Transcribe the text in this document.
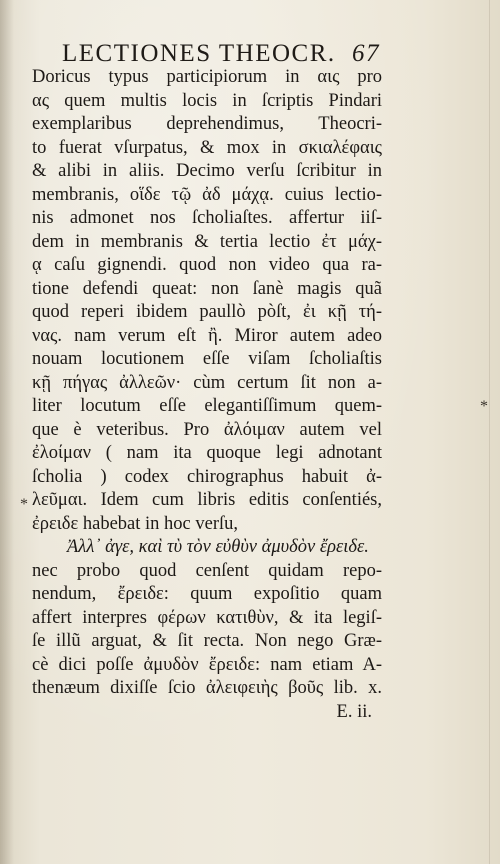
LECTIONES THEOCR. 67
*
*
Doricus typus participiorum in αις pro
ας quem multis locis in ſcriptis Pindari
exemplaribus deprehendimus, Theocri-
to fuerat vſurpatus, & mox in σκιαλέφαις
& alibi in aliis. Decimo verſu ſcribitur in
membranis, οἵδε τῷ ἀδ μάχᾳ. cuius lectio-
nis admonet nos ſcholiaſtes. affertur iiſ-
dem in membranis & tertia lectio ἐτ μάχ-
ᾳ caſu gignendi. quod non video qua ra-
tione defendi queat: non ſanè magis quã
quod reperi ibidem paullò pòſt, ἐι κῇ τή-
νας. nam verum eſt ἢ. Miror autem adeo
nouam locutionem eſſe viſam ſcholiaſtis
κῇ πήγας ἀλλεῶν· cùm certum ſit non a-
liter locutum eſſe elegantiſſimum quem-
que è veteribus. Pro ἀλόιμαν autem vel
ἐλοίμαν ( nam ita quoque legi adnotant
ſcholia ) codex chirographus habuit ἀ-
λεῦμαι. Idem cum libris editis conſentiés,
ἐρειδε habebat in hoc verſu,
Ἀλλ᾽ ἀγε, καὶ τὺ τὸν εὐθὺν ἀμυδὸν ἔρειδε.
nec probo quod cenſent quidam repo-
nendum, ἔρειδε: quum expoſitio quam
affert interpres φέρων κατιθὺν, & ita legiſ-
ſe illũ arguat, & ſit recta. Non nego Græ-
cè dici poſſe ἀμυδὸν ἔρειδε: nam etiam A-
thenæum dixiſſe ſcio ἀλειφειὴς βοῦς lib. x.
E. ii.
